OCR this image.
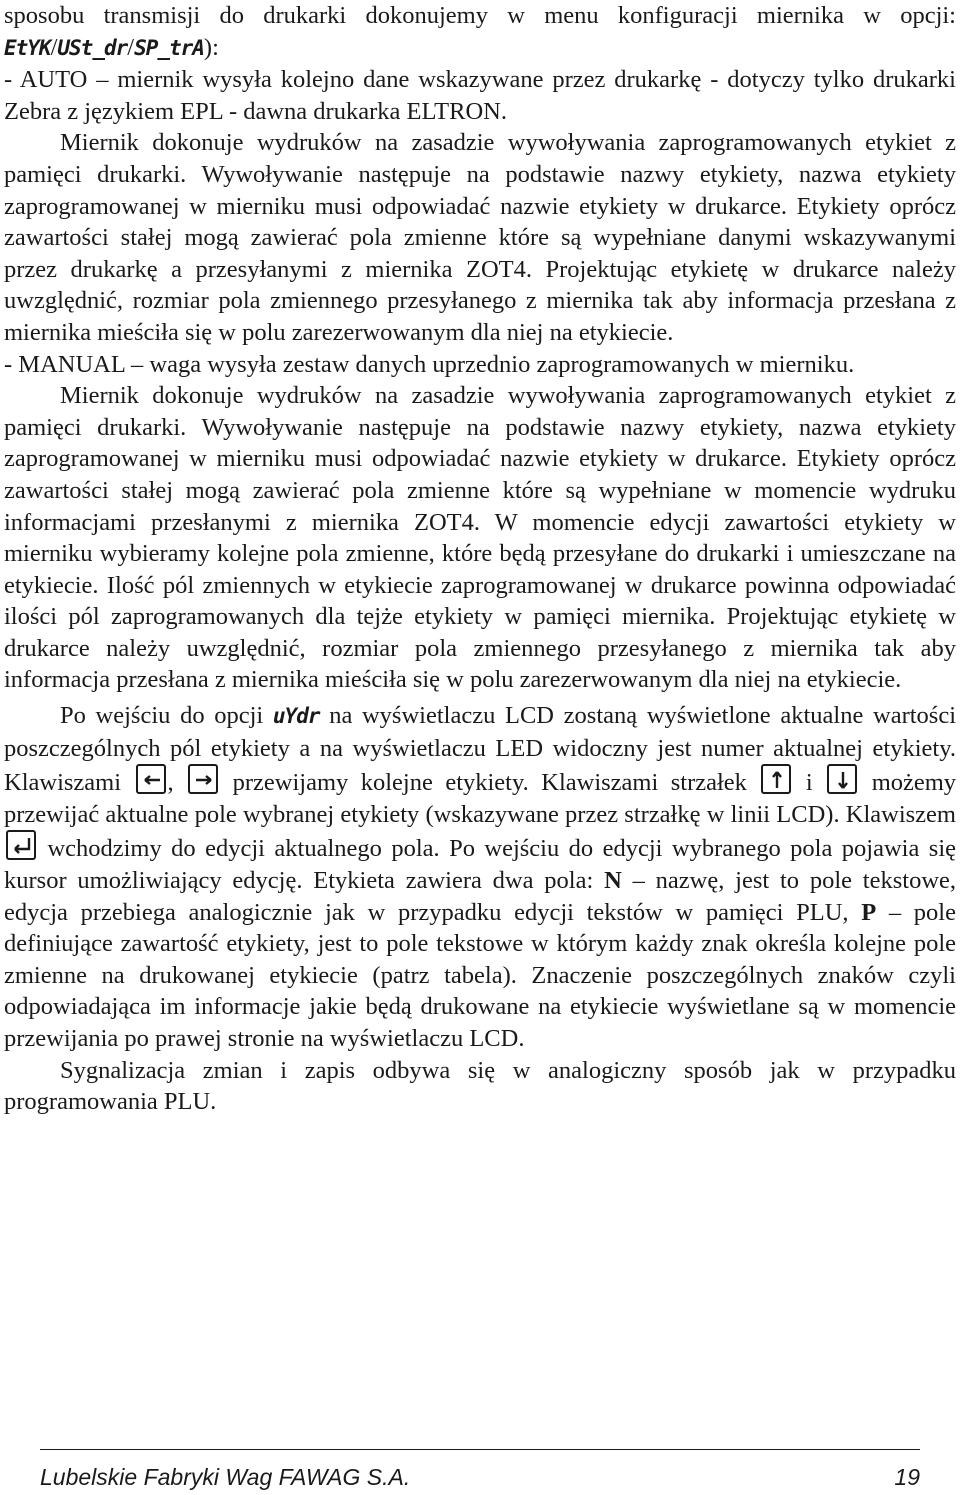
sposobu transmisji do drukarki dokonujemy w menu konfiguracji miernika w opcji: EtYK/USt_dr/SP_trA):

- AUTO – miernik wysyła kolejno dane wskazywane przez drukarkę - dotyczy tylko drukarki Zebra z językiem EPL - dawna drukarka ELTRON.

Miernik dokonuje wydruków na zasadzie wywoływania zaprogramowanych etykiet z pamięci drukarki. Wywoływanie następuje na podstawie nazwy etykiety, nazwa etykiety zaprogramowanej w mierniku musi odpowiadać nazwie etykiety w drukarce. Etykiety oprócz zawartości stałej mogą zawierać pola zmienne które są wypełniane danymi wskazywanymi przez drukarkę a przesyłanymi z miernika ZOT4. Projektując etykietę w drukarce należy uwzględnić, rozmiar pola zmiennego przesyłanego z miernika tak aby informacja przesłana z miernika mieściła się w polu zarezerwowanym dla niej na etykiecie.

- MANUAL – waga wysyła zestaw danych uprzednio zaprogramowanych w mierniku.

Miernik dokonuje wydruków na zasadzie wywoływania zaprogramowanych etykiet z pamięci drukarki. Wywoływanie następuje na podstawie nazwy etykiety, nazwa etykiety zaprogramowanej w mierniku musi odpowiadać nazwie etykiety w drukarce. Etykiety oprócz zawartości stałej mogą zawierać pola zmienne które są wypełniane w momencie wydruku informacjami przesłanymi z miernika ZOT4. W momencie edycji zawartości etykiety w mierniku wybieramy kolejne pola zmienne, które będą przesyłane do drukarki i umieszczane na etykiecie. Ilość pól zmiennych w etykiecie zaprogramowanej w drukarce powinna odpowiadać ilości pól zaprogramowanych dla tejże etykiety w pamięci miernika. Projektując etykietę w drukarce należy uwzględnić, rozmiar pola zmiennego przesyłanego z miernika tak aby informacja przesłana z miernika mieściła się w polu zarezerwowanym dla niej na etykiecie.

Po wejściu do opcji uYdr na wyświetlaczu LCD zostaną wyświetlone aktualne wartości poszczególnych pól etykiety a na wyświetlaczu LED widoczny jest numer aktualnej etykiety. Klawiszami , przewijamy kolejne etykiety. Klawiszami strzałek i możemy przewijać aktualne pole wybranej etykiety (wskazywane przez strzałkę w linii LCD). Klawiszem
wchodzimy do edycji aktualnego pola. Po wejściu do edycji wybranego pola pojawia się kursor umożliwiający edycję. Etykieta zawiera dwa pola: N – nazwę, jest to pole tekstowe, edycja przebiega analogicznie jak w przypadku edycji tekstów w pamięci PLU, P – pole definiujące zawartość etykiety, jest to pole tekstowe w którym każdy znak określa kolejne pole zmienne na drukowanej etykiecie (patrz tabela). Znaczenie poszczególnych znaków czyli odpowiadająca im informacje jakie będą drukowane na etykiecie wyświetlane są w momencie przewijania po prawej stronie na wyświetlaczu LCD.

Sygnalizacja zmian i zapis odbywa się w analogiczny sposób jak w przypadku programowania PLU.

Lubelskie Fabryki Wag FAWAG S.A.	19
